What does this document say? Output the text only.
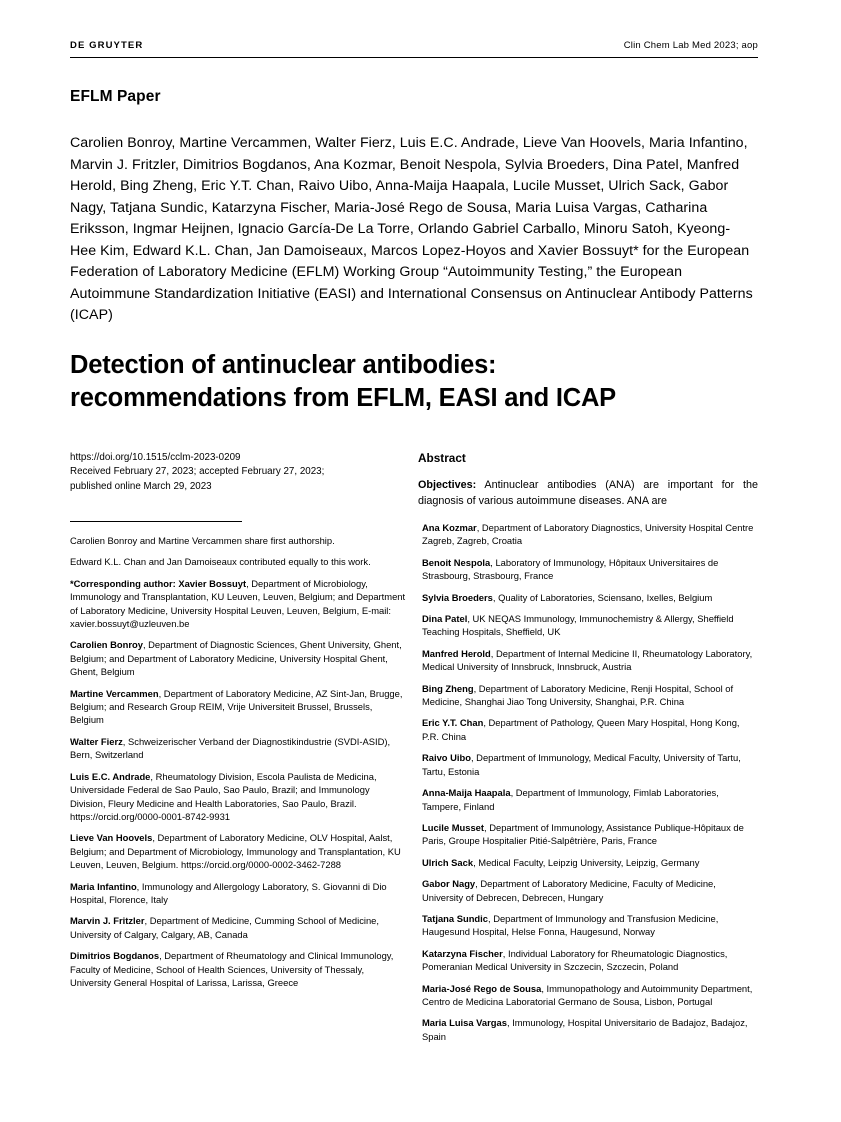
DE GRUYTER	Clin Chem Lab Med 2023; aop
EFLM Paper
Carolien Bonroy, Martine Vercammen, Walter Fierz, Luis E.C. Andrade, Lieve Van Hoovels, Maria Infantino, Marvin J. Fritzler, Dimitrios Bogdanos, Ana Kozmar, Benoit Nespola, Sylvia Broeders, Dina Patel, Manfred Herold, Bing Zheng, Eric Y.T. Chan, Raivo Uibo, Anna-Maija Haapala, Lucile Musset, Ulrich Sack, Gabor Nagy, Tatjana Sundic, Katarzyna Fischer, Maria-José Rego de Sousa, Maria Luisa Vargas, Catharina Eriksson, Ingmar Heijnen, Ignacio García-De La Torre, Orlando Gabriel Carballo, Minoru Satoh, Kyeong-Hee Kim, Edward K.L. Chan, Jan Damoiseaux, Marcos Lopez-Hoyos and Xavier Bossuyt* for the European Federation of Laboratory Medicine (EFLM) Working Group “Autoimmunity Testing,” the European Autoimmune Standardization Initiative (EASI) and International Consensus on Antinuclear Antibody Patterns (ICAP)
Detection of antinuclear antibodies: recommendations from EFLM, EASI and ICAP
https://doi.org/10.1515/cclm-2023-0209
Received February 27, 2023; accepted February 27, 2023;
published online March 29, 2023
Abstract
Objectives: Antinuclear antibodies (ANA) are important for the diagnosis of various autoimmune diseases. ANA are
Carolien Bonroy and Martine Vercammen share first authorship.
Edward K.L. Chan and Jan Damoiseaux contributed equally to this work.
*Corresponding author: Xavier Bossuyt, Department of Microbiology, Immunology and Transplantation, KU Leuven, Leuven, Belgium; and Department of Laboratory Medicine, University Hospital Leuven, Leuven, Belgium, E-mail: xavier.bossuyt@uzleuven.be
Carolien Bonroy, Department of Diagnostic Sciences, Ghent University, Ghent, Belgium; and Department of Laboratory Medicine, University Hospital Ghent, Ghent, Belgium
Martine Vercammen, Department of Laboratory Medicine, AZ Sint-Jan, Brugge, Belgium; and Research Group REIM, Vrije Universiteit Brussel, Brussels, Belgium
Walter Fierz, Schweizerischer Verband der Diagnostikindustrie (SVDI-ASID), Bern, Switzerland
Luis E.C. Andrade, Rheumatology Division, Escola Paulista de Medicina, Universidade Federal de Sao Paulo, Sao Paulo, Brazil; and Immunology Division, Fleury Medicine and Health Laboratories, Sao Paulo, Brazil. https://orcid.org/0000-0001-8742-9931
Lieve Van Hoovels, Department of Laboratory Medicine, OLV Hospital, Aalst, Belgium; and Department of Microbiology, Immunology and Transplantation, KU Leuven, Leuven, Belgium. https://orcid.org/0000-0002-3462-7288
Maria Infantino, Immunology and Allergology Laboratory, S. Giovanni di Dio Hospital, Florence, Italy
Marvin J. Fritzler, Department of Medicine, Cumming School of Medicine, University of Calgary, Calgary, AB, Canada
Dimitrios Bogdanos, Department of Rheumatology and Clinical Immunology, Faculty of Medicine, School of Health Sciences, University of Thessaly, University General Hospital of Larissa, Larissa, Greece
Ana Kozmar, Department of Laboratory Diagnostics, University Hospital Centre Zagreb, Zagreb, Croatia
Benoit Nespola, Laboratory of Immunology, Hôpitaux Universitaires de Strasbourg, Strasbourg, France
Sylvia Broeders, Quality of Laboratories, Sciensano, Ixelles, Belgium
Dina Patel, UK NEQAS Immunology, Immunochemistry & Allergy, Sheffield Teaching Hospitals, Sheffield, UK
Manfred Herold, Department of Internal Medicine II, Rheumatology Laboratory, Medical University of Innsbruck, Innsbruck, Austria
Bing Zheng, Department of Laboratory Medicine, Renji Hospital, School of Medicine, Shanghai Jiao Tong University, Shanghai, P.R. China
Eric Y.T. Chan, Department of Pathology, Queen Mary Hospital, Hong Kong, P.R. China
Raivo Uibo, Department of Immunology, Medical Faculty, University of Tartu, Tartu, Estonia
Anna-Maija Haapala, Department of Immunology, Fimlab Laboratories, Tampere, Finland
Lucile Musset, Department of Immunology, Assistance Publique-Hôpitaux de Paris, Groupe Hospitalier Pitié-Salpêtrière, Paris, France
Ulrich Sack, Medical Faculty, Leipzig University, Leipzig, Germany
Gabor Nagy, Department of Laboratory Medicine, Faculty of Medicine, University of Debrecen, Debrecen, Hungary
Tatjana Sundic, Department of Immunology and Transfusion Medicine, Haugesund Hospital, Helse Fonna, Haugesund, Norway
Katarzyna Fischer, Individual Laboratory for Rheumatologic Diagnostics, Pomeranian Medical University in Szczecin, Szczecin, Poland
Maria-José Rego de Sousa, Immunopathology and Autoimmunity Department, Centro de Medicina Laboratorial Germano de Sousa, Lisbon, Portugal
Maria Luisa Vargas, Immunology, Hospital Universitario de Badajoz, Badajoz, Spain
